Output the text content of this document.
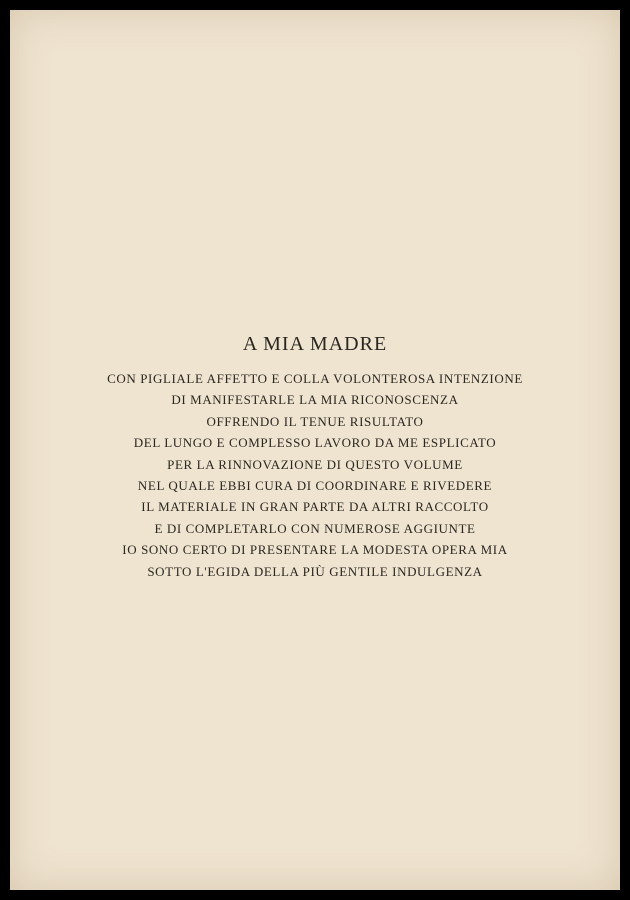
A MIA MADRE
CON PIGLIALE AFFETTO E COLLA VOLONTEROSA INTENZIONE
DI MANIFESTARLE LA MIA RICONOSCENZA
OFFRENDO IL TENUE RISULTATO
DEL LUNGO E COMPLESSO LAVORO DA ME ESPLICATO
PER LA RINNOVAZIONE DI QUESTO VOLUME
NEL QUALE EBBI CURA DI COORDINARE E RIVEDERE
IL MATERIALE IN GRAN PARTE DA ALTRI RACCOLTO
E DI COMPLETARLO CON NUMEROSE AGGIUNTE
IO SONO CERTO DI PRESENTARE LA MODESTA OPERA MIA
SOTTO L'EGIDA DELLA PIÙ GENTILE INDULGENZA
